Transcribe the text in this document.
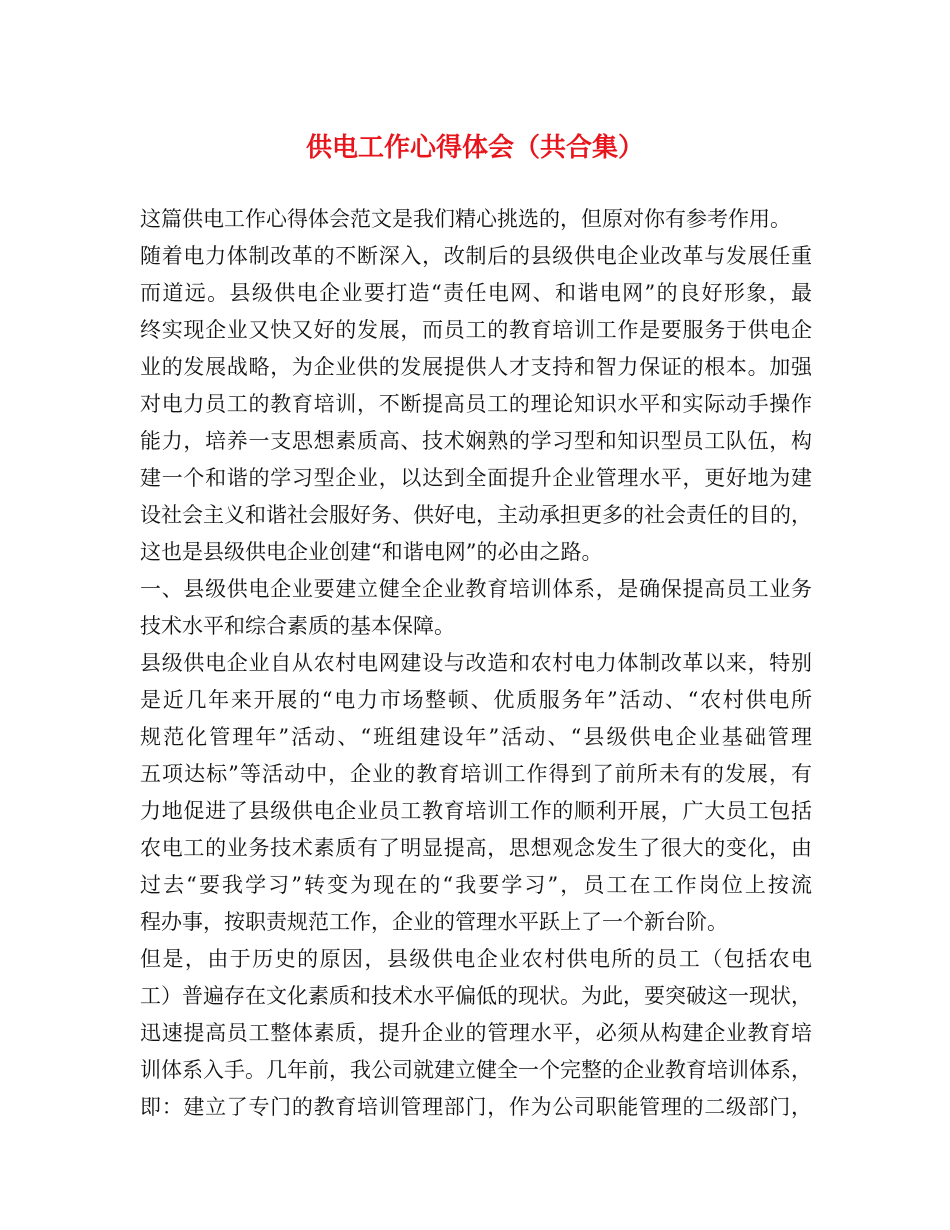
供电工作心得体会（共合集）
这篇供电工作心得体会范文是我们精心挑选的，但原对你有参考作用。
随着电力体制改革的不断深入，改制后的县级供电企业改革与发展任重
而道远。县级供电企业要打造“责任电网、和谐电网”的良好形象，最
终实现企业又快又好的发展，而员工的教育培训工作是要服务于供电企
业的发展战略，为企业供的发展提供人才支持和智力保证的根本。加强
对电力员工的教育培训，不断提高员工的理论知识水平和实际动手操作
能力，培养一支思想素质高、技术娴熟的学习型和知识型员工队伍，构
建一个和谐的学习型企业，以达到全面提升企业管理水平，更好地为建
设社会主义和谐社会服好务、供好电，主动承担更多的社会责任的目的，
这也是县级供电企业创建“和谐电网”的必由之路。
一、县级供电企业要建立健全企业教育培训体系，是确保提高员工业务
技术水平和综合素质的基本保障。
县级供电企业自从农村电网建设与改造和农村电力体制改革以来，特别
是近几年来开展的“电力市场整顿、优质服务年”活动、“农村供电所
规范化管理年”活动、“班组建设年”活动、“县级供电企业基础管理
五项达标”等活动中，企业的教育培训工作得到了前所未有的发展，有
力地促进了县级供电企业员工教育培训工作的顺利开展，广大员工包括
农电工的业务技术素质有了明显提高，思想观念发生了很大的变化，由
过去“要我学习”转变为现在的“我要学习”，员工在工作岗位上按流
程办事，按职责规范工作，企业的管理水平跃上了一个新台阶。
但是，由于历史的原因，县级供电企业农村供电所的员工（包括农电
工）普遍存在文化素质和技术水平偏低的现状。为此，要突破这一现状，
迅速提高员工整体素质，提升企业的管理水平，必须从构建企业教育培
训体系入手。几年前，我公司就建立健全一个完整的企业教育培训体系，
即：建立了专门的教育培训管理部门，作为公司职能管理的二级部门，
